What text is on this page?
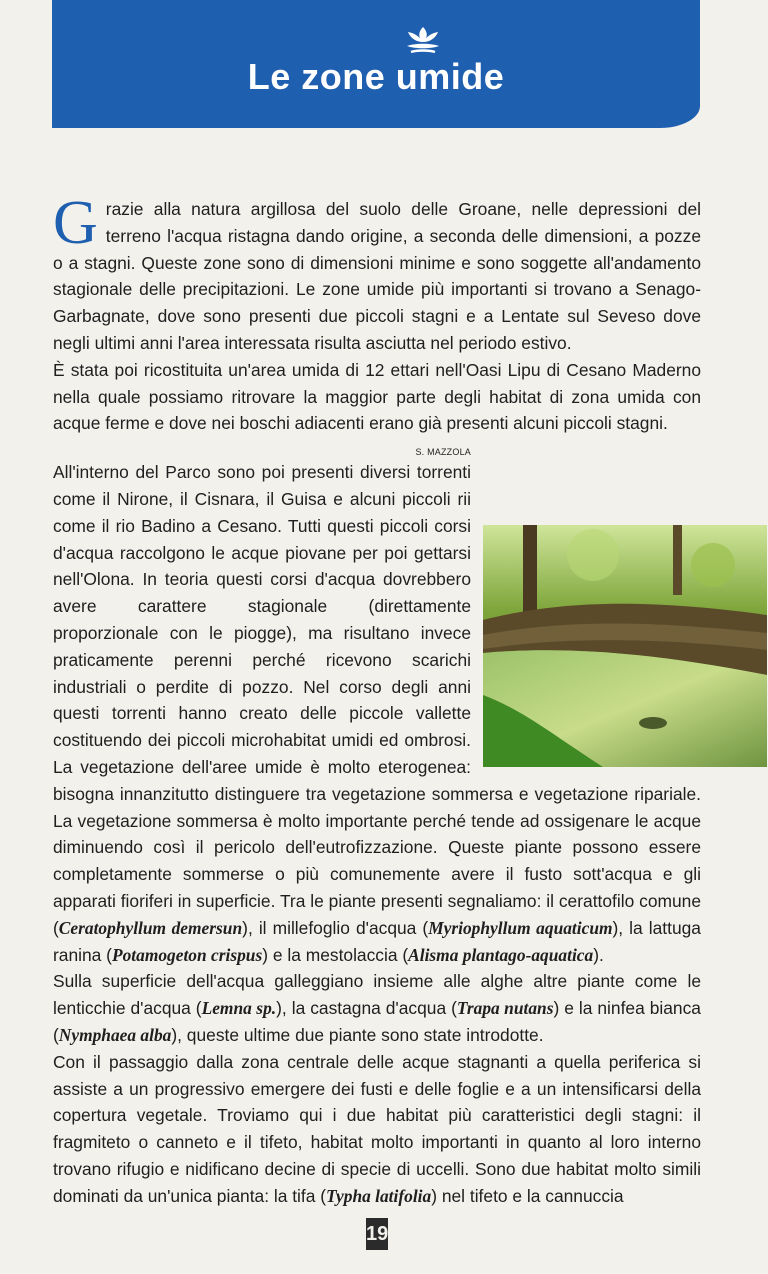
Le zone umide

Grazie alla natura argillosa del suolo delle Groane, nelle depressioni del terreno l'acqua ristagna dando origine, a seconda delle dimensioni, a pozze o a stagni. Queste zone sono di dimensioni minime e sono soggette all'andamento stagionale delle precipitazioni. Le zone umide più importanti si trovano a Senago-Garbagnate, dove sono presenti due piccoli stagni e a Lentate sul Seveso dove negli ultimi anni l'area interessata risulta asciutta nel periodo estivo.

È stata poi ricostituita un'area umida di 12 ettari nell'Oasi Lipu di Cesano Maderno nella quale possiamo ritrovare la maggior parte degli habitat di zona umida con acque ferme e dove nei boschi adiacenti erano già presenti alcuni piccoli stagni.

S. MAZZOLA
All'interno del Parco sono poi presenti diversi torrenti come il Nirone, il Cisnara, il Guisa e alcuni piccoli rii come il rio Badino a Cesano. Tutti questi piccoli corsi d'acqua raccolgono le acque piovane per poi gettarsi nell'Olona. In teoria questi corsi d'acqua dovrebbero avere carattere stagionale (direttamente proporzionale con le piogge), ma risultano invece praticamente perenni perché ricevono scarichi industriali o perdite di pozzo. Nel corso degli anni questi torrenti hanno creato delle piccole vallette costituendo dei piccoli microhabitat umidi ed ombrosi. La vegetazione dell'aree umide è molto eterogenea: bisogna innanzitutto distinguere tra vegetazione sommersa e vegetazione ripariale. La vegetazione sommersa è molto importante perché tende ad ossigenare le acque diminuendo così il pericolo dell'eutrofizzazione. Queste piante possono essere completamente sommerse o più comunemente avere il fusto sott'acqua e gli apparati fioriferi in superficie. Tra le piante presenti segnaliamo: il cerattofilo comune (Ceratophyllum demersun), il millefoglio d'acqua (Myriophyllum aquaticum), la lattuga ranina (Potamogeton crispus) e la mestolaccia (Alisma plantago-aquatica).

Sulla superficie dell'acqua galleggiano insieme alle alghe altre piante come le lenticchie d'acqua (Lemna sp.), la castagna d'acqua (Trapa nutans) e la ninfea bianca (Nymphaea alba), queste ultime due piante sono state introdotte.

Con il passaggio dalla zona centrale delle acque stagnanti a quella periferica si assiste a un progressivo emergere dei fusti e delle foglie e a un intensificarsi della copertura vegetale. Troviamo qui i due habitat più caratteristici degli stagni: il fragmiteto o canneto e il tifeto, habitat molto importanti in quanto al loro interno trovano rifugio e nidificano decine di specie di uccelli. Sono due habitat molto simili dominati da un'unica pianta: la tifa (Typha latifolia) nel tifeto e la cannuccia

19
